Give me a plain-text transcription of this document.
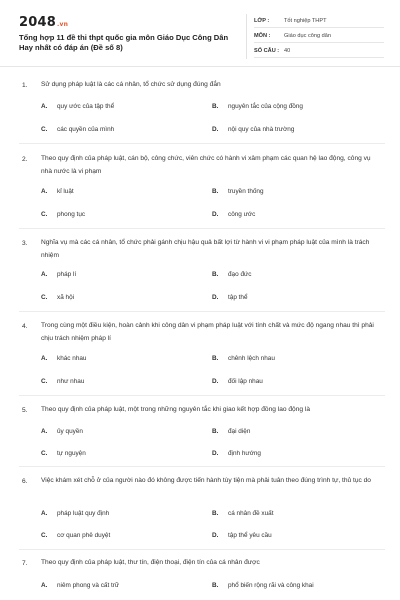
2048.vn
Tổng hợp 11 đề thi thpt quốc gia môn Giáo Dục Công Dân Hay nhất có đáp án (Đề số 8)
LỚP :	Tốt nghiệp THPT
MÔN :	Giáo dục công dân
SỐ CÂU : 40
1. Sử dụng pháp luật là các cá nhân, tổ chức sử dụng đúng đắn
A. quy ước của tập thể	B. nguyên tắc của cộng đồng
C. các quyền của mình	D. nội quy của nhà trường
2. Theo quy định của pháp luật, cán bộ, công chức, viên chức có hành vi xâm phạm các quan hệ lao động, công vụ nhà nước là vi phạm
A. kỉ luật	B. truyền thống
C. phong tục	D. công ước
3. Nghĩa vụ mà các cá nhân, tổ chức phải gánh chịu hậu quả bất lợi từ hành vi vi phạm pháp luật của mình là trách nhiệm
A. pháp lí	B. đạo đức
C. xã hội	D. tập thể
4. Trong cùng một điều kiện, hoàn cảnh khi công dân vi phạm pháp luật với tính chất và mức độ ngang nhau thì phải chịu trách nhiệm pháp lí
A. khác nhau	B. chênh lệch nhau
C. như nhau	D. đối lập nhau
5. Theo quy định của pháp luật, một trong những nguyên tắc khi giao kết hợp đồng lao động là
A. ủy quyền	B. đại diện
C. tự nguyện	D. định hướng
6. Việc khám xét chỗ ở của người nào đó không được tiến hành tùy tiện mà phải tuân theo đúng trình tự, thủ tục do
A. pháp luật quy định	B. cá nhân đề xuất
C. cơ quan phê duyệt	D. tập thể yêu cầu
7. Theo quy định của pháp luật, thư tín, điện thoại, điện tín của cá nhân được
A. niêm phong và cất trữ	B. phổ biến rộng rãi và công khai
